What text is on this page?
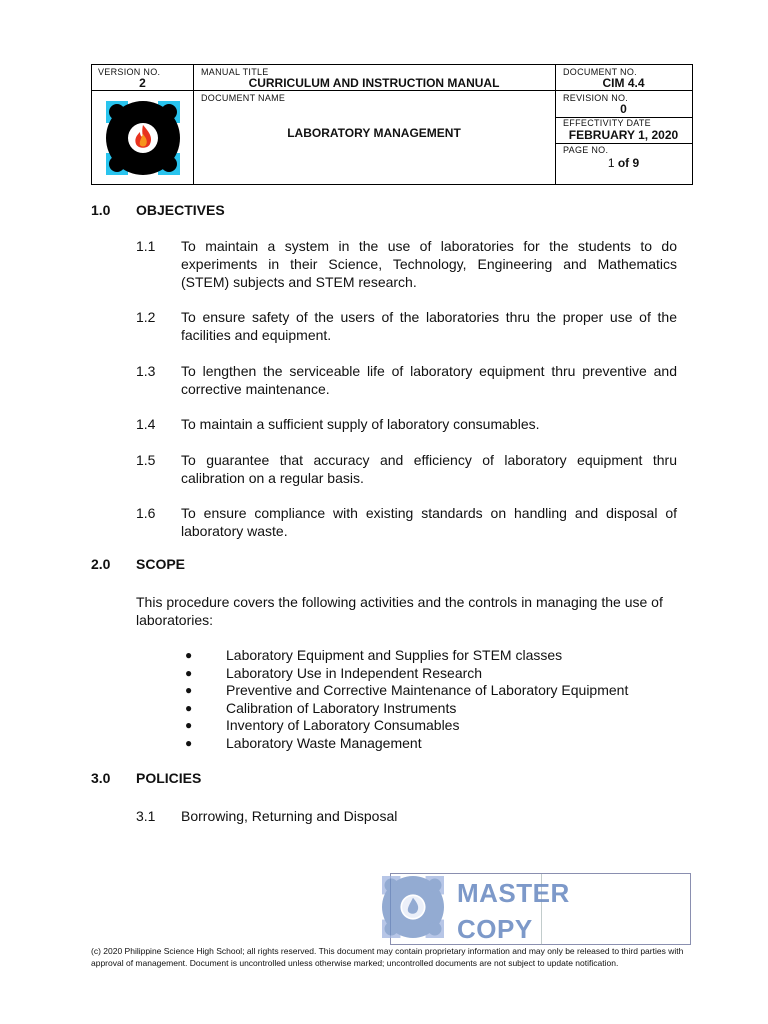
VERSION NO.
2
MANUAL TITLE
CURRICULUM AND INSTRUCTION MANUAL
DOCUMENT NO.
CIM 4.4
DOCUMENT NAME
LABORATORY MANAGEMENT
REVISION NO.
0
EFFECTIVITY DATE
FEBRUARY 1, 2020
PAGE NO.
1 of 9
1.0 OBJECTIVES
1.1	To maintain a system in the use of laboratories for the students to do experiments in their Science, Technology, Engineering and Mathematics (STEM) subjects and STEM research.
1.2	To ensure safety of the users of the laboratories thru the proper use of the facilities and equipment.
1.3	To lengthen the serviceable life of laboratory equipment thru preventive and corrective maintenance.
1.4	To maintain a sufficient supply of laboratory consumables.
1.5	To guarantee that accuracy and efficiency of laboratory equipment thru calibration on a regular basis.
1.6	To ensure compliance with existing standards on handling and disposal of laboratory waste.
2.0 SCOPE
This procedure covers the following activities and the controls in managing the use of laboratories:
● Laboratory Equipment and Supplies for STEM classes
● Laboratory Use in Independent Research
● Preventive and Corrective Maintenance of Laboratory Equipment
● Calibration of Laboratory Instruments
● Inventory of Laboratory Consumables
● Laboratory Waste Management
3.0 POLICIES
3.1	Borrowing, Returning and Disposal
MASTER
COPY
(c) 2020 Philippine Science High School; all rights reserved. This document may contain proprietary information and may only be released to third parties with approval of management. Document is uncontrolled unless otherwise marked; uncontrolled documents are not subject to update notification.
